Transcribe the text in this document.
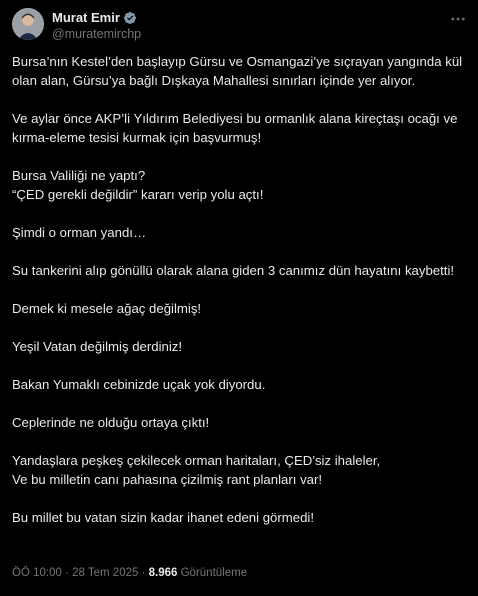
Murat Emir
@muratemirchp

Bursa’nın Kestel’den başlayıp Gürsu ve Osmangazi’ye sıçrayan yangında kül olan alan, Gürsu’ya bağlı Dışkaya Mahallesi sınırları içinde yer alıyor.

Ve aylar önce AKP’li Yıldırım Belediyesi bu ormanlık alana kireçtaşı ocağı ve kırma-eleme tesisi kurmak için başvurmuş!

Bursa Valiliği ne yaptı?
“ÇED gerekli değildir” kararı verip yolu açtı!

Şimdi o orman yandı…

Su tankerini alıp gönüllü olarak alana giden 3 canımız dün hayatını kaybetti!

Demek ki mesele ağaç değilmiş!

Yeşil Vatan değilmiş derdiniz!

Bakan Yumaklı cebinizde uçak yok diyordu.

Ceplerinde ne olduğu ortaya çıktı!

Yandaşlara peşkeş çekilecek orman haritaları, ÇED’siz ihaleler,
Ve bu milletin canı pahasına çizilmiş rant planları var!

Bu millet bu vatan sizin kadar ihanet edeni görmedi!

ÖÖ 10:00 · 28 Tem 2025 · 8.966 Görüntüleme
